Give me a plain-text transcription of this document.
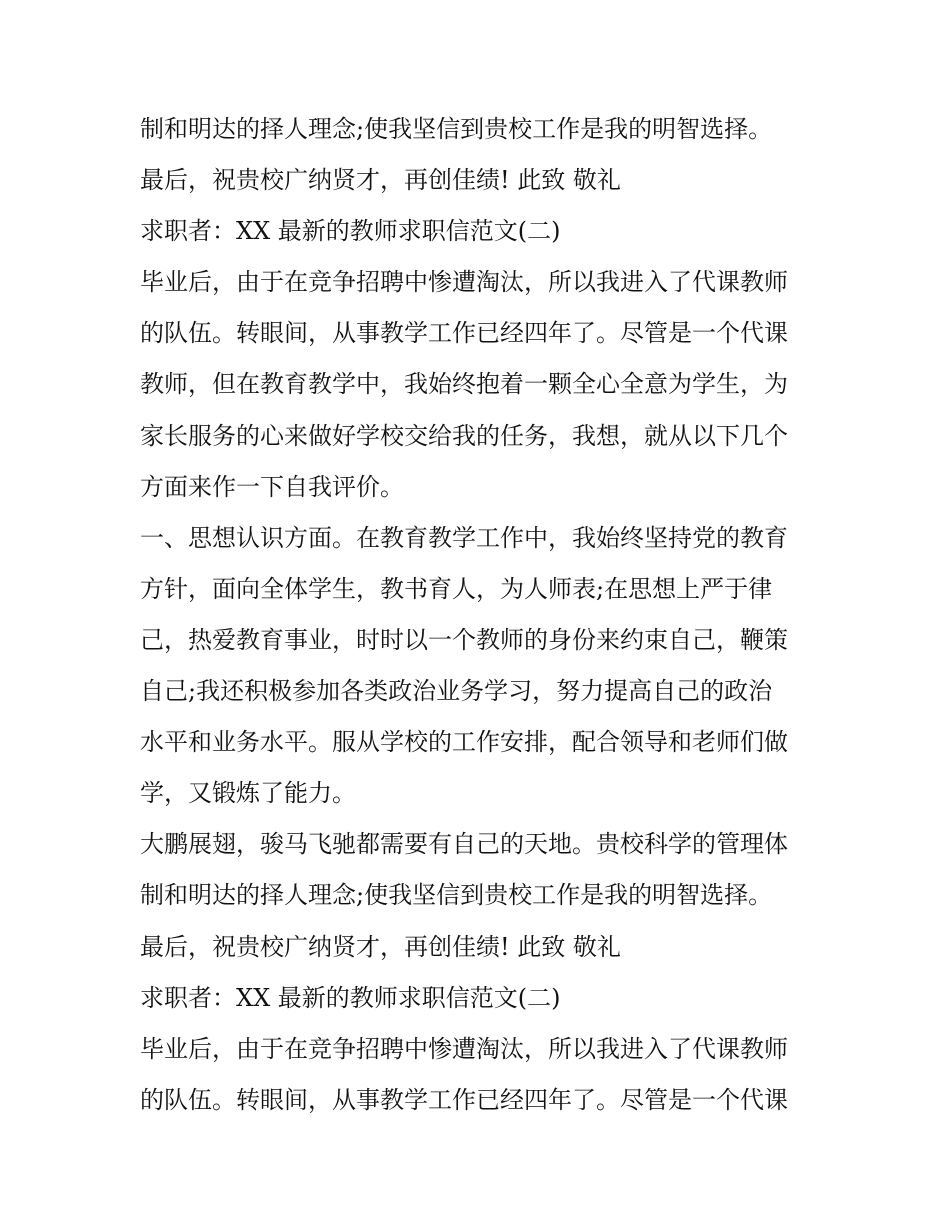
制和明达的择人理念;使我坚信到贵校工作是我的明智选择。
最后，祝贵校广纳贤才，再创佳绩! 此致 敬礼
求职者：XX 最新的教师求职信范文(二)
毕业后，由于在竞争招聘中惨遭淘汰，所以我进入了代课教师
的队伍。转眼间，从事教学工作已经四年了。尽管是一个代课
教师，但在教育教学中，我始终抱着一颗全心全意为学生，为
家长服务的心来做好学校交给我的任务，我想，就从以下几个
方面来作一下自我评价。
一、思想认识方面。在教育教学工作中，我始终坚持党的教育
方针，面向全体学生，教书育人，为人师表;在思想上严于律
己，热爱教育事业，时时以一个教师的身份来约束自己，鞭策
自己;我还积极参加各类政治业务学习，努力提高自己的政治
水平和业务水平。服从学校的工作安排，配合领导和老师们做
学，又锻炼了能力。
大鹏展翅，骏马飞驰都需要有自己的天地。贵校科学的管理体
制和明达的择人理念;使我坚信到贵校工作是我的明智选择。
最后，祝贵校广纳贤才，再创佳绩! 此致 敬礼
求职者：XX 最新的教师求职信范文(二)
毕业后，由于在竞争招聘中惨遭淘汰，所以我进入了代课教师
的队伍。转眼间，从事教学工作已经四年了。尽管是一个代课
